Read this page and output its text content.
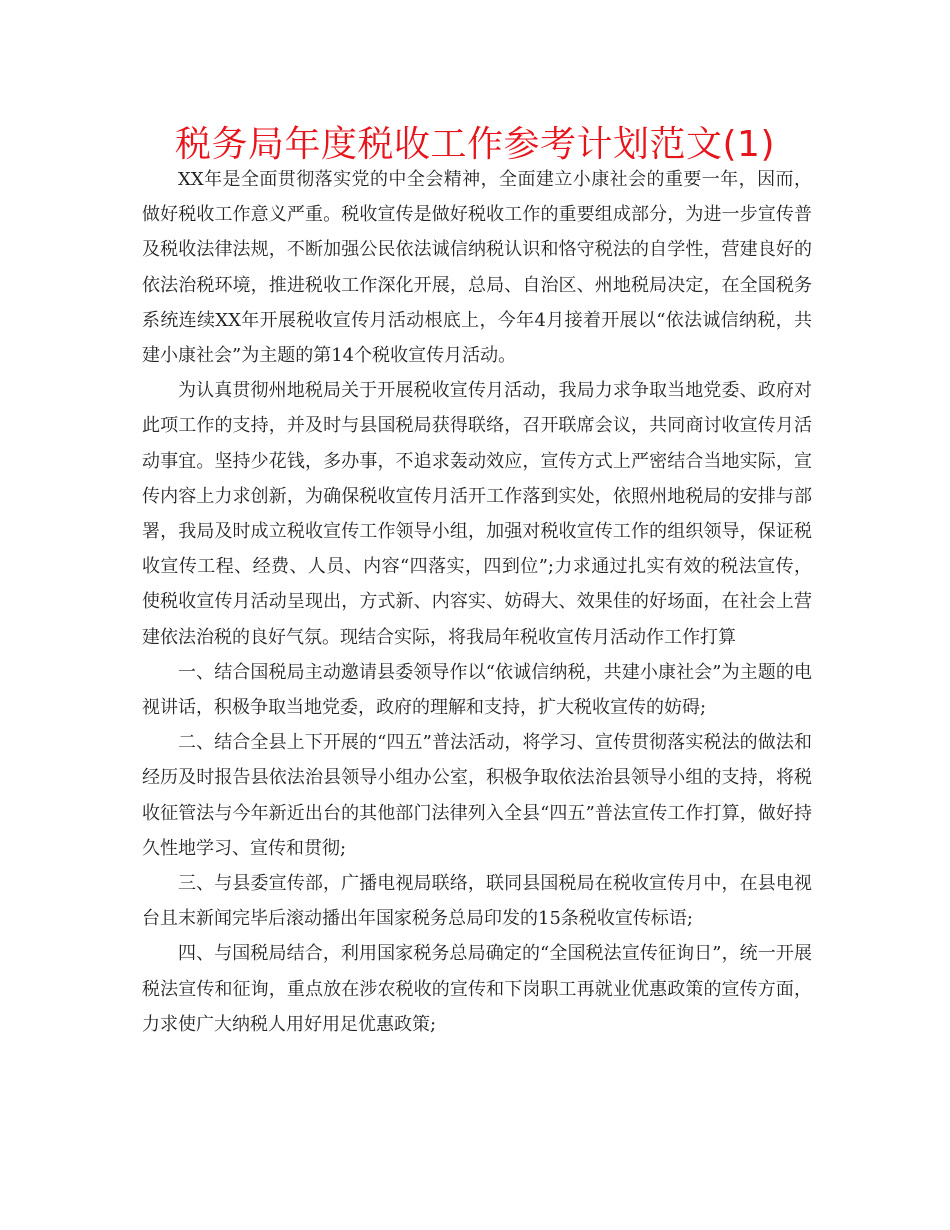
税务局年度税收工作参考计划范文(1)

XX年是全面贯彻落实党的中全会精神，全面建立小康社会的重要一年，因而，做好税收工作意义严重。税收宣传是做好税收工作的重要组成部分，为进一步宣传普及税收法律法规，不断加强公民依法诚信纳税认识和恪守税法的自学性，营建良好的依法治税环境，推进税收工作深化开展，总局、自治区、州地税局决定，在全国税务系统连续XX年开展税收宣传月活动根底上，今年4月接着开展以“依法诚信纳税，共建小康社会”为主题的第14个税收宣传月活动。

为认真贯彻州地税局关于开展税收宣传月活动，我局力求争取当地党委、政府对此项工作的支持，并及时与县国税局获得联络，召开联席会议，共同商讨收宣传月活动事宜。坚持少花钱，多办事，不追求轰动效应，宣传方式上严密结合当地实际，宣传内容上力求创新，为确保税收宣传月活开工作落到实处，依照州地税局的安排与部署，我局及时成立税收宣传工作领导小组，加强对税收宣传工作的组织领导，保证税收宣传工程、经费、人员、内容“四落实，四到位”;力求通过扎实有效的税法宣传，使税收宣传月活动呈现出，方式新、内容实、妨碍大、效果佳的好场面，在社会上营建依法治税的良好气氛。现结合实际，将我局年税收宣传月活动作工作打算

一、结合国税局主动邀请县委领导作以“依诚信纳税，共建小康社会”为主题的电视讲话，积极争取当地党委，政府的理解和支持，扩大税收宣传的妨碍;

二、结合全县上下开展的“四五”普法活动，将学习、宣传贯彻落实税法的做法和经历及时报告县依法治县领导小组办公室，积极争取依法治县领导小组的支持，将税收征管法与今年新近出台的其他部门法律列入全县“四五”普法宣传工作打算，做好持久性地学习、宣传和贯彻;

三、与县委宣传部，广播电视局联络，联同县国税局在税收宣传月中，在县电视台且末新闻完毕后滚动播出年国家税务总局印发的15条税收宣传标语;

四、与国税局结合，利用国家税务总局确定的“全国税法宣传征询日”，统一开展税法宣传和征询，重点放在涉农税收的宣传和下岗职工再就业优惠政策的宣传方面，力求使广大纳税人用好用足优惠政策;
